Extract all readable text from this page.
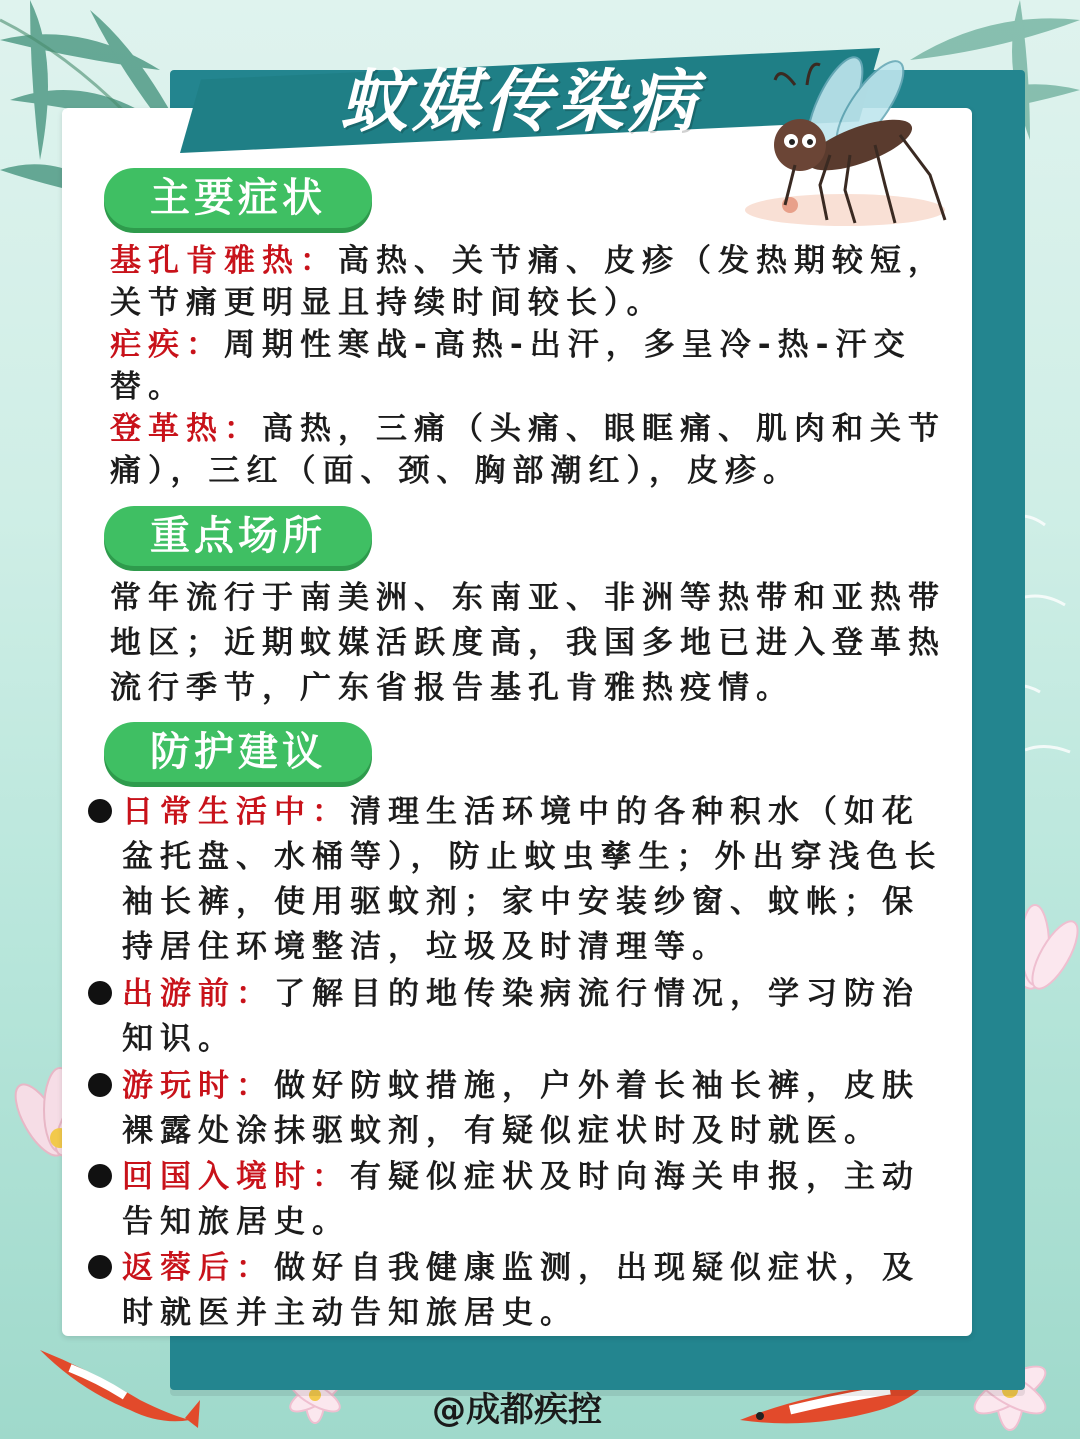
蚊媒传染病
主要症状
基孔肯雅热：高热、关节痛、皮疹（发热期较短，关节痛更明显且持续时间较长）。
疟疾：周期性寒战-高热-出汗，多呈冷-热-汗交替。
登革热：高热，三痛（头痛、眼眶痛、肌肉和关节痛），三红（面、颈、胸部潮红），皮疹。
重点场所
常年流行于南美洲、东南亚、非洲等热带和亚热带地区；近期蚊媒活跃度高，我国多地已进入登革热流行季节，广东省报告基孔肯雅热疫情。
防护建议
日常生活中：清理生活环境中的各种积水（如花盆托盘、水桶等），防止蚊虫孳生；外出穿浅色长袖长裤，使用驱蚊剂；家中安装纱窗、蚊帐；保持居住环境整洁，垃圾及时清理等。
出游前：了解目的地传染病流行情况，学习防治知识。
游玩时：做好防蚊措施，户外着长袖长裤，皮肤裸露处涂抹驱蚊剂，有疑似症状时及时就医。
回国入境时：有疑似症状及时向海关申报，主动告知旅居史。
返蓉后：做好自我健康监测，出现疑似症状，及时就医并主动告知旅居史。
@成都疾控
